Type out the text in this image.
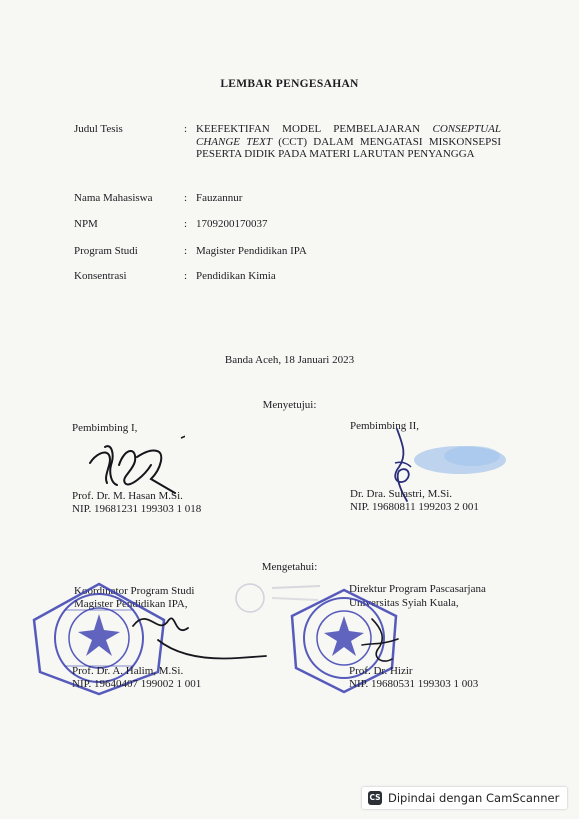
LEMBAR PENGESAHAN
Judul Tesis	: KEEFEKTIFAN MODEL PEMBELAJARAN CONSEPTUAL CHANGE TEXT (CCT) DALAM MENGATASI MISKONSEPSI PESERTA DIDIK PADA MATERI LARUTAN PENYANGGA
Nama Mahasiswa	: Fauzannur
NPM	: 1709200170037
Program Studi	: Magister Pendidikan IPA
Konsentrasi	: Pendidikan Kimia
Banda Aceh, 18 Januari 2023
Menyetujui:
Pembimbing I,
Prof. Dr. M. Hasan M.Si.
NIP. 19681231 199303 1 018
Pembimbing II,
Dr. Dra. Sulastri, M.Si.
NIP. 19680811 199203 2 001
Mengetahui:
Koordinator Program Studi
Magister Pendidikan IPA,
Prof. Dr. A. Halim, M.Si.
NIP. 19640407 199002 1 001
Direktur Program Pascasarjana
Universitas Syiah Kuala,
Prof. Dr. Hizir
NIP. 19680531 199303 1 003
CS Dipindai dengan CamScanner
